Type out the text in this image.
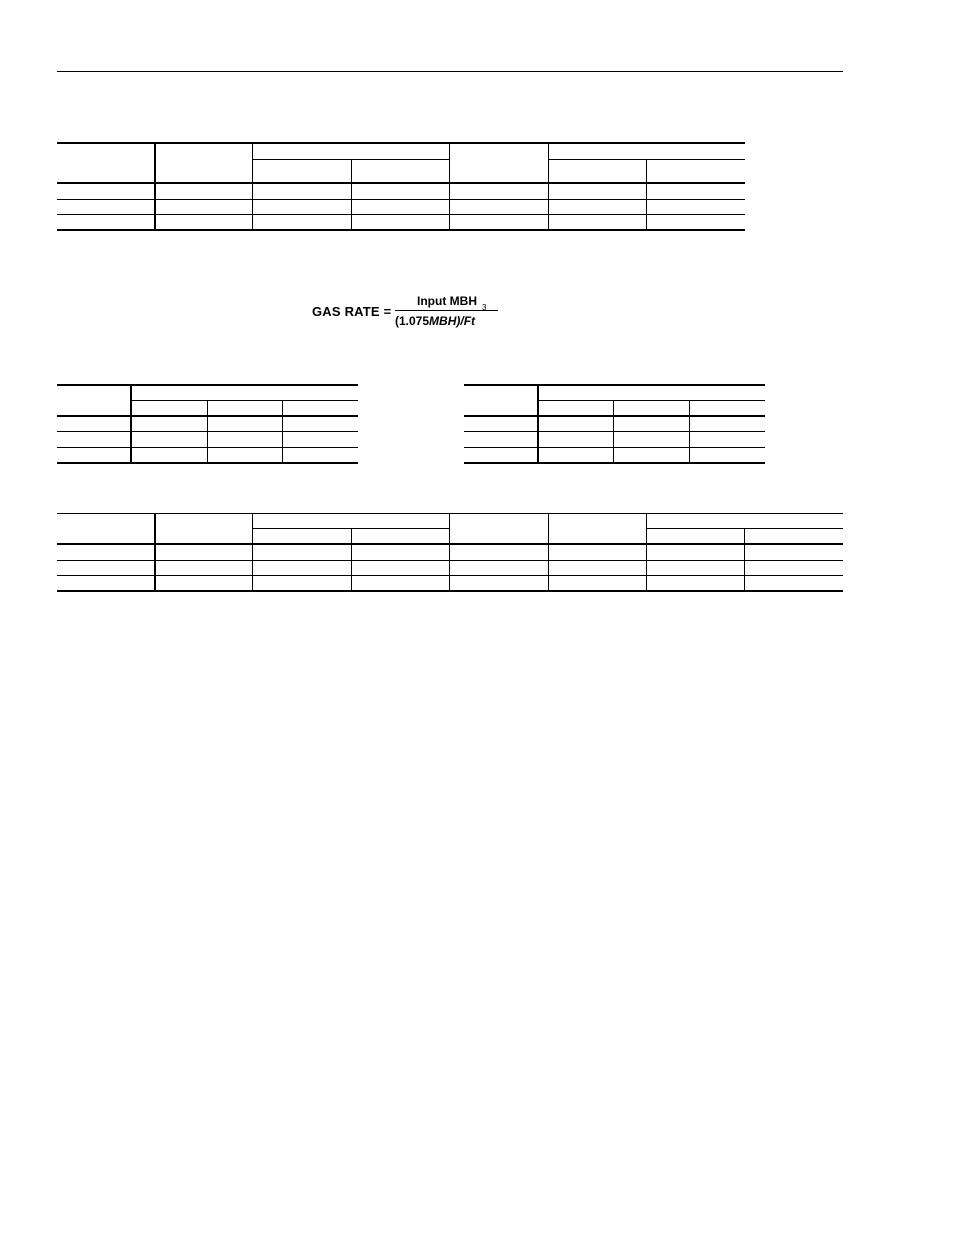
GAS RATE =
Input MBH
(1.075MBH)/Ft
3
